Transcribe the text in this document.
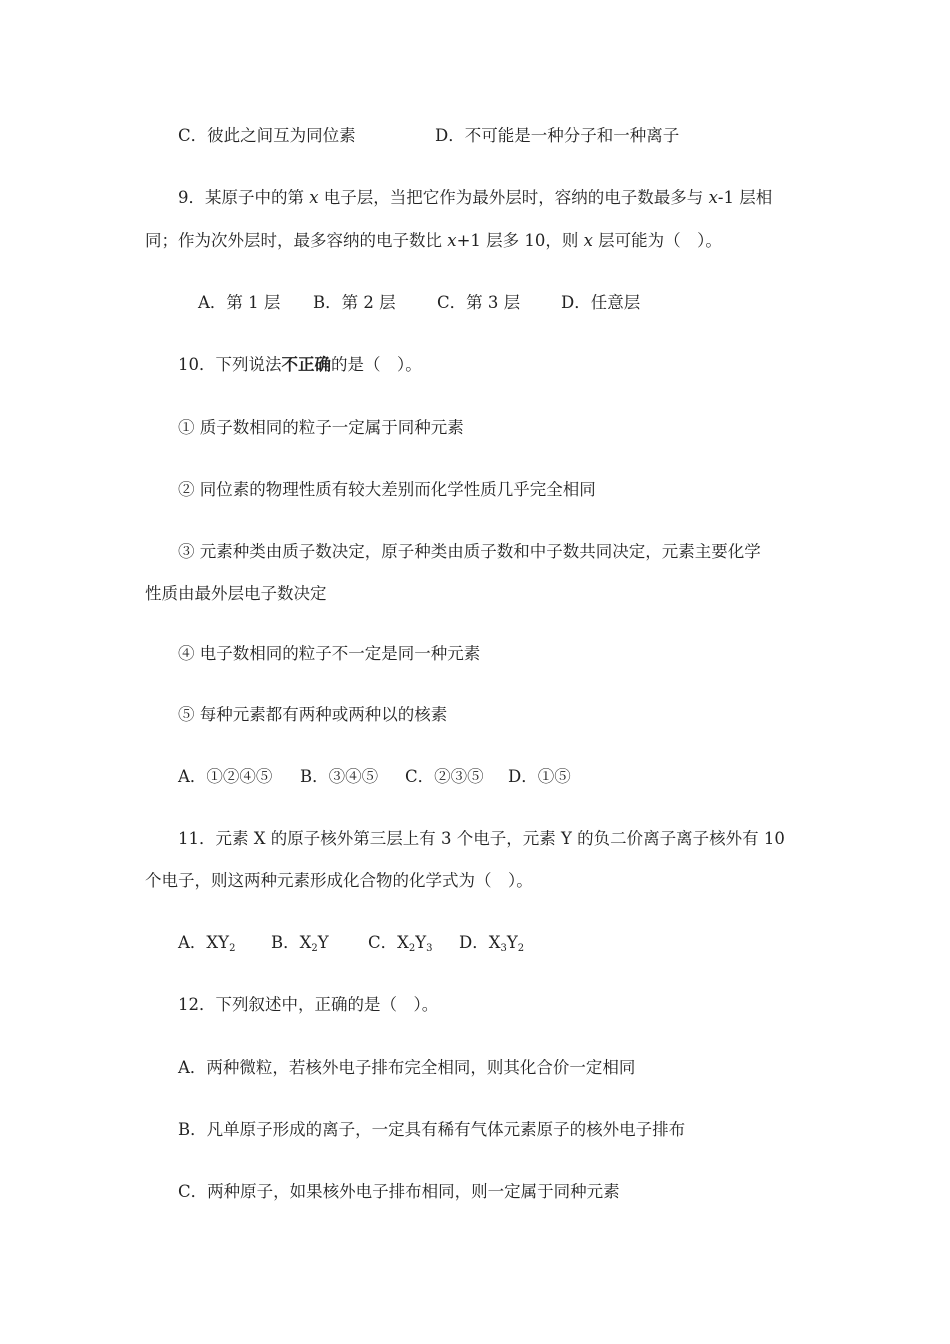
C．彼此之间互为同位素	D．不可能是一种分子和一种离子
9．某原子中的第 x 电子层，当把它作为最外层时，容纳的电子数最多与 x-1 层相
同；作为次外层时，最多容纳的电子数比 x+1 层多 10，则 x 层可能为（　）。
A．第 1 层 B．第 2 层	C．第 3 层 D．任意层
10．下列说法不正确的是（　）。
① 质子数相同的粒子一定属于同种元素
② 同位素的物理性质有较大差别而化学性质几乎完全相同
③ 元素种类由质子数决定，原子种类由质子数和中子数共同决定，元素主要化学
性质由最外层电子数决定
④ 电子数相同的粒子不一定是同一种元素
⑤ 每种元素都有两种或两种以的核素
A．①②④⑤ B．③④⑤ C．②③⑤ D．①⑤
11．元素 X 的原子核外第三层上有 3 个电子，元素 Y 的负二价离子离子核外有 10
个电子，则这两种元素形成化合物的化学式为（　）。
A．$XY_2$ B．$X_2Y$ C．$X_2Y_3$ D．$X_3Y_2$
12．下列叙述中，正确的是（　）。
A．两种微粒，若核外电子排布完全相同，则其化合价一定相同
B．凡单原子形成的离子，一定具有稀有气体元素原子的核外电子排布
C．两种原子，如果核外电子排布相同，则一定属于同种元素
